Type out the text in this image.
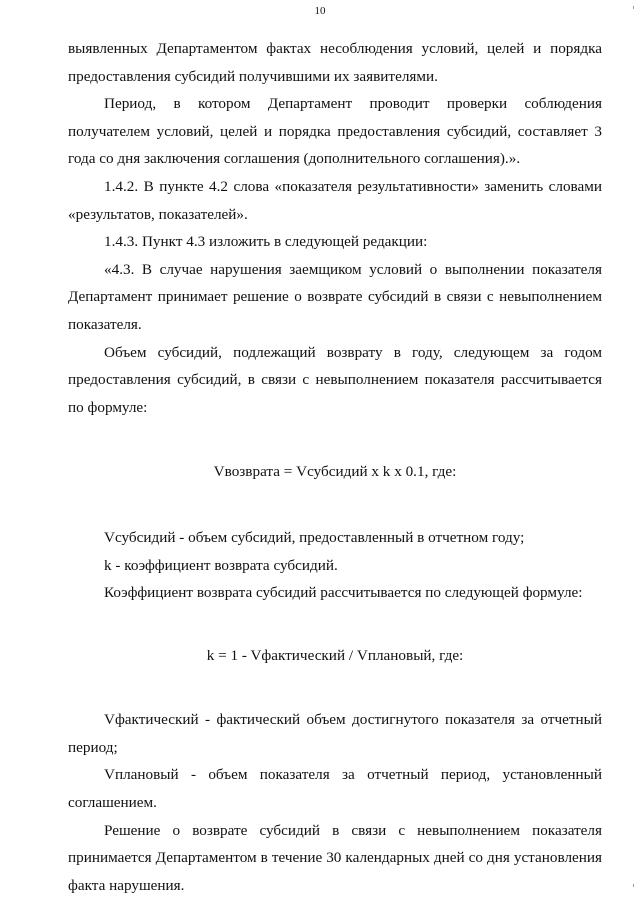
10

выявленных Департаментом фактах несоблюдения условий, целей и порядка предоставления субсидий получившими их заявителями.

Период, в котором Департамент проводит проверки соблюдения получателем условий, целей и порядка предоставления субсидий, составляет 3 года со дня заключения соглашения (дополнительного соглашения).».

1.4.2. В пункте 4.2 слова «показателя результативности» заменить словами «результатов, показателей».

1.4.3. Пункт 4.3 изложить в следующей редакции:

«4.3. В случае нарушения заемщиком условий о выполнении показателя Департамент принимает решение о возврате субсидий в связи с невыполнением показателя.

Объем субсидий, подлежащий возврату в году, следующем за годом предоставления субсидий, в связи с невыполнением показателя рассчитывается по формуле:

Vвозврата = Vсубсидий x k x 0.1, где:

Vсубсидий - объем субсидий, предоставленный в отчетном году;

k - коэффициент возврата субсидий.

Коэффициент возврата субсидий рассчитывается по следующей формуле:

k = 1 - Vфактический / Vплановый, где:

Vфактический - фактический объем достигнутого показателя за отчетный период;

Vплановый - объем показателя за отчетный период, установленный соглашением.

Решение о возврате субсидий в связи с невыполнением показателя принимается Департаментом в течение 30 календарных дней со дня установления факта нарушения.
